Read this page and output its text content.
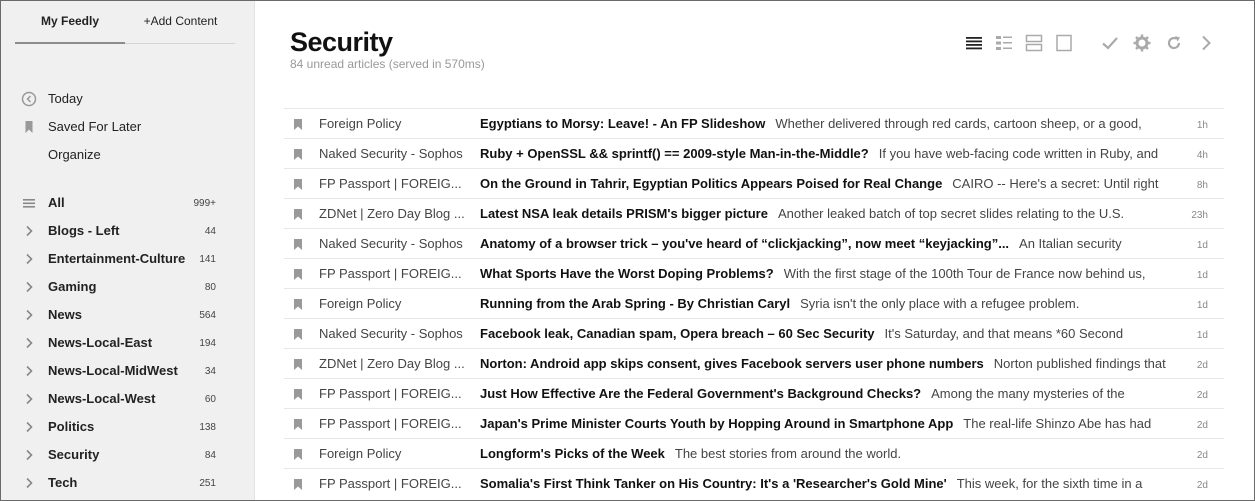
My Feedly	+Add Content
Today
Saved For Later
Organize
All	999+
Blogs - Left	44
Entertainment-Culture 141
Gaming	80
News	564
News-Local-East	194
News-Local-MidWest	34
News-Local-West	60
Politics	138
Security	84
Tech	251
Security
84 unread articles (served in 570ms)
Foreign Policy	Egyptians to Morsy: Leave! - An FP Slideshow Whether delivered through red cards, cartoon sheep, or a good,	1h
Naked Security - Sophos	Ruby + OpenSSL && sprintf() == 2009-style Man-in-the-Middle? If you have web-facing code written in Ruby, and	4h
FP Passport | FOREIG...	On the Ground in Tahrir, Egyptian Politics Appears Poised for Real Change CAIRO -- Here's a secret: Until right	8h
ZDNet | Zero Day Blog ...	Latest NSA leak details PRISM's bigger picture Another leaked batch of top secret slides relating to the U.S.	23h
Naked Security - Sophos	Anatomy of a browser trick – you've heard of “clickjacking”, now meet “keyjacking”... An Italian security	1d
FP Passport | FOREIG...	What Sports Have the Worst Doping Problems? With the first stage of the 100th Tour de France now behind us,	1d
Foreign Policy	Running from the Arab Spring - By Christian Caryl Syria isn't the only place with a refugee problem.	1d
Naked Security - Sophos	Facebook leak, Canadian spam, Opera breach – 60 Sec Security It's Saturday, and that means *60 Second	1d
ZDNet | Zero Day Blog ...	Norton: Android app skips consent, gives Facebook servers user phone numbers Norton published findings that	2d
FP Passport | FOREIG...	Just How Effective Are the Federal Government's Background Checks? Among the many mysteries of the	2d
FP Passport | FOREIG...	Japan's Prime Minister Courts Youth by Hopping Around in Smartphone App The real-life Shinzo Abe has had	2d
Foreign Policy	Longform's Picks of the Week The best stories from around the world.	2d
FP Passport | FOREIG...	Somalia's First Think Tanker on His Country: It's a 'Researcher's Gold Mine' This week, for the sixth time in a	2d
